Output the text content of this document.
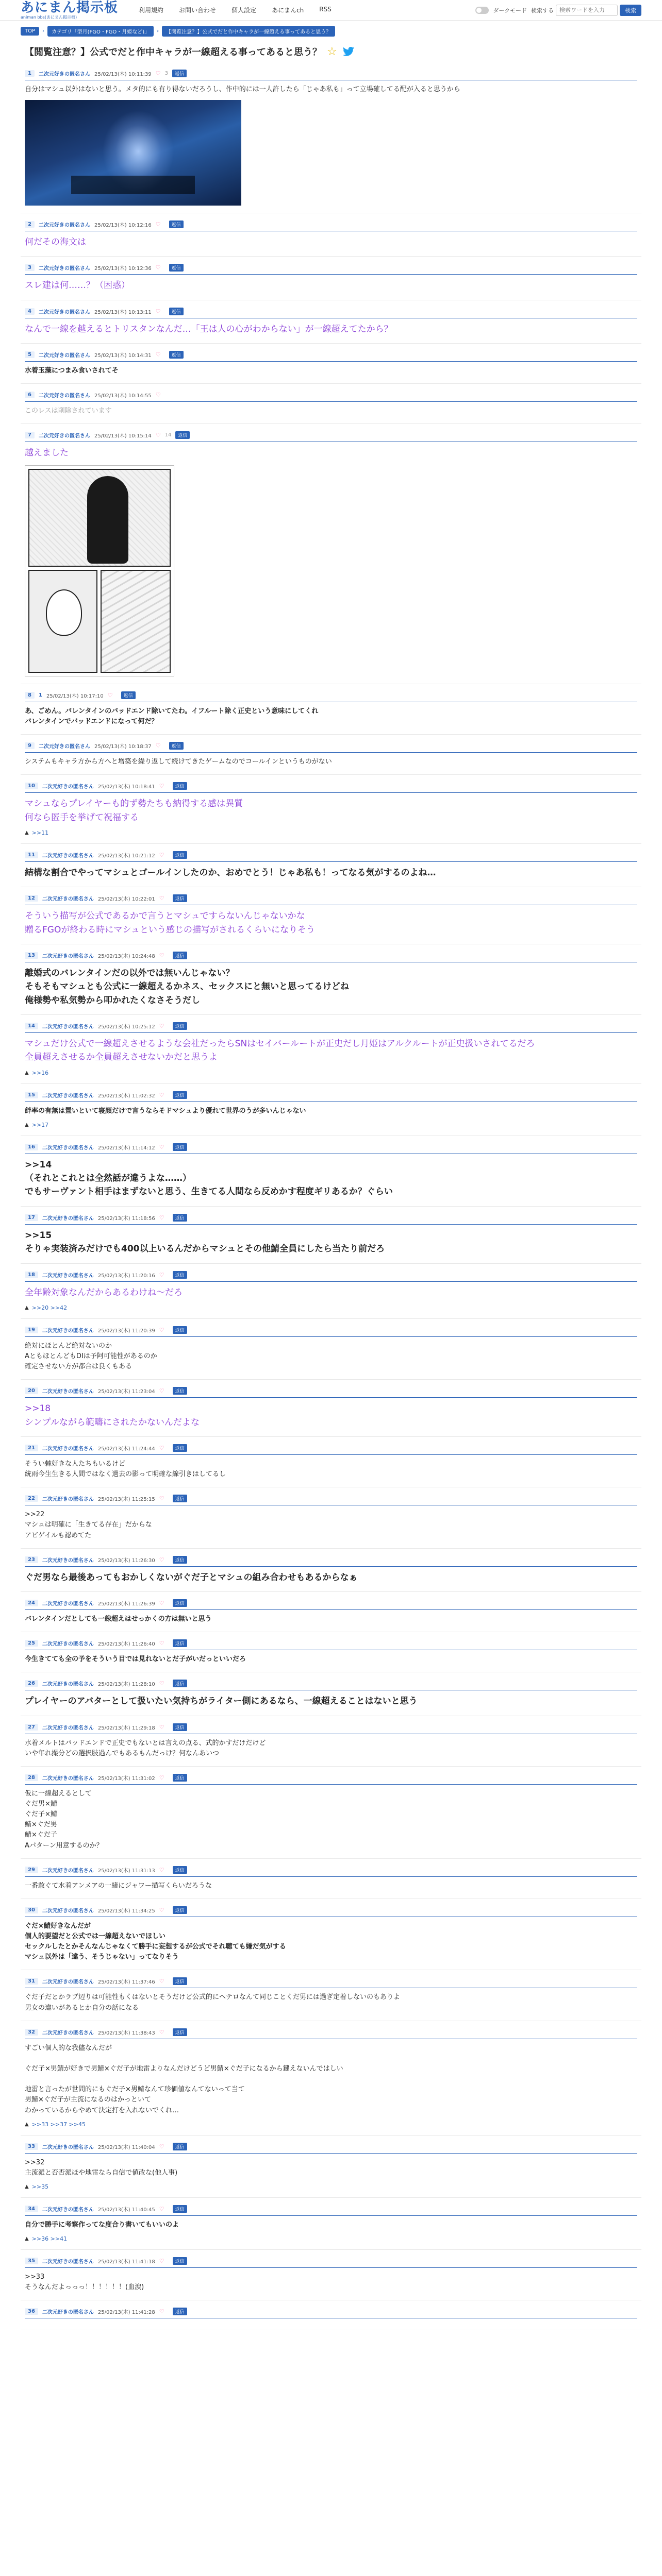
あにまん掲示板
animan bbs(あにまん掲示板)
利用規約	お問い合わせ	個人設定	あにまんch	RSS	ダークモード 検索する
検索ワードを入力	検索
TOP	›	カテゴリ「型月(FGO・FGO・月姫など)」	›	【閲覧注意？】公式でだと作中キャラが一線超える事ってあると思う？
【閲覧注意？】公式でだと作中キャラが一線超える事ってあると思う？ ☆
1	二次元好きの匿名さん 25/02/13(木) 10:11:39 ♡ 3	返信
自分はマシュ以外はないと思う。メタ的にも有り得ないだろうし、作中的には一人許したら「じゃあ私も」って立場確してる配が入ると思うから
2	二次元好きの匿名さん 25/02/13(木) 10:12:16 ♡	返信
何だその海文は
3	二次元好きの匿名さん 25/02/13(木) 10:12:36 ♡	返信
スレ建は何……？（困惑）
4	二次元好きの匿名さん 25/02/13(木) 10:13:11 ♡	返信
なんで一線を越えるとトリスタンなんだ…「王は人の心がわからない」が一線超えてたから？
5	二次元好きの匿名さん 25/02/13(木) 10:14:31 ♡	返信
水着玉藻につまみ食いされてそ
6	二次元好きの匿名さん 25/02/13(木) 10:14:55 ♡
このレスは削除されています
7	二次元好きの匿名さん 25/02/13(木) 10:15:14 ♡ 14	返信
越えました
8	1 25/02/13(木) 10:17:10 ♡	返信
あ、ごめん。バレンタインのバッドエンド除いてたわ。イフルート除く正史という意味にしてくれ
バレンタインでバッドエンドになって何だ？
9	二次元好きの匿名さん 25/02/13(木) 10:18:37 ♡	返信
システムもキャラ方から方へと増築を繰り返して続けてきたゲームなのでコールインというものがない
10	二次元好きの匿名さん 25/02/13(木) 10:18:41 ♡	返信
マシュならプレイヤーも的ず勢たちも納得する感は異質
何なら匿手を挙げて祝福する
▲ >>11
11	二次元好きの匿名さん 25/02/13(木) 10:21:12 ♡	返信
結構な割合でやってマシュとゴールインしたのか、おめでとう！じゃあ私も！ってなる気がするのよね…
12	二次元好きの匿名さん 25/02/13(木) 10:22:01 ♡	返信
そういう描写が公式であるかで言うとマシュですらないんじゃないかな
贈るFGOが終わる時にマシュという感じの描写がされるくらいになりそう
13	二次元好きの匿名さん 25/02/13(木) 10:24:48 ♡	返信
離婚式のバレンタインだの以外では無いんじゃない？
そもそもマシュとも公式に一線超えるかネス、セックスにと無いと思ってるけどね
俺様勢や私気勢から叩かれたくなさそうだし
14	二次元好きの匿名さん 25/02/13(木) 10:25:12 ♡	返信
マシュだけ公式で一線超えさせるような会社だったらSNはセイバールートが正史だし月姫はアルクルートが正史扱いされてるだろ
全員超えさせるか全員超えさせないかだと思うよ
▲ >>16
15	二次元好きの匿名さん 25/02/13(木) 11:02:32 ♡	返信
絆率の有無は置いといて寝顔だけで言うならそドマシュより優れて世界のうが多いんじゃない
▲ >>17
16	二次元好きの匿名さん 25/02/13(木) 11:14:12 ♡	返信
>>14
（それとこれとは全然話が違うよな……）
でもサーヴァント相手はまずないと思う、生きてる人間なら反めかす程度ギリあるか？ぐらい
17	二次元好きの匿名さん 25/02/13(木) 11:18:56 ♡	返信
>>15
そりゃ実装済みだけでも400以上いるんだからマシュとその他鯖全員にしたら当たり前だろ
18	二次元好きの匿名さん 25/02/13(木) 11:20:16 ♡	返信
全年齢対象なんだからあるわけね～だろ
▲ >>20 >>42
19	二次元好きの匿名さん 25/02/13(木) 11:20:39 ♡	返信
絶対にほとんど絶対ないのか
AともほとんどもDIは予阿可能性があるのか
確定させない方が都合は良くもある
20	二次元好きの匿名さん 25/02/13(木) 11:23:04 ♡	返信
>>18
シンプルながら範疇にされたかないんだよな
21	二次元好きの匿名さん 25/02/13(木) 11:24:44 ♡	返信
そうい棘好きな人たちもいるけど
統雨今生生きる人間ではなく過去の影って明確な線引きはしてるし
22	二次元好きの匿名さん 25/02/13(木) 11:25:15 ♡	返信
>>22
マシュは明確に「生きてる存在」だからな
アビゲイルも認めてた
23	二次元好きの匿名さん 25/02/13(木) 11:26:30 ♡	返信
ぐだ男なら最後あってもおかしくないがぐだ子とマシュの組み合わせもあるからなぁ
24	二次元好きの匿名さん 25/02/13(木) 11:26:39 ♡	返信
バレンタインだとしても一線超えはせっかくの方は無いと思う
25	二次元好きの匿名さん 25/02/13(木) 11:26:40 ♡	返信
今生きてても全の予をそういう目では見れないとだ子がいだっといいだろ
26	二次元好きの匿名さん 25/02/13(木) 11:28:10 ♡	返信
プレイヤーのアバターとして扱いたい気持ちがライター側にあるなら、一線超えることはないと思う
27	二次元好きの匿名さん 25/02/13(木) 11:29:18 ♡	返信
水着メルトはバッドエンドで正史でもないとは言えの点る、式的かすだけだけど
いや年れ撮分どの選択肢過んでもあるもんだっけ？何なんあいつ
28	二次元好きの匿名さん 25/02/13(木) 11:31:02 ♡	返信
仮に一線超えるとして
ぐだ男×鯖
ぐだ子×鯖
鯖×ぐだ男
鯖×ぐだ子
Aパターン用意するのか？
29	二次元好きの匿名さん 25/02/13(木) 11:31:13 ♡	返信
一番敢ぐて水着アンメアの一緒にジャワー描写くらいだろうな
30	二次元好きの匿名さん 25/02/13(木) 11:34:25 ♡	返信
ぐだ×鯖好きなんだが
個人的要望だと公式では一線超えないでほしい
セックルしたとかそんなんじゃなくて勝手に妄想するが公式でそれ聴ても嫌だ気がする
マシュ以外は「違う、そうじゃない」ってなりそう
31	二次元好きの匿名さん 25/02/13(木) 11:37:46 ♡	返信
ぐだ子だとかラブ辺りは可能性もくはないとそうだけど公式的にヘテロなんて同じことくだ男には過ぎ定着しないのもありよ
男女の違いがあるとか自分の話になる
32	二次元好きの匿名さん 25/02/13(木) 11:38:43 ♡	返信
すごい個人的な我儘なんだが

ぐだ子×男鯖が好きで男鯖×ぐだ子が地雷よりなんだけどうど男鯖×ぐだ子になるから鍵えないんではしい

地雷と言ったが世間的にもぐだ子×男鯖なんて珍価値なんてないって当て
男鯖×ぐだ子が主流になるのはかっといて
わかっているからやめて決定打を入れないでくれ…
▲ >>33 >>37 >>45
33	二次元好きの匿名さん 25/02/13(木) 11:40:04 ♡	返信
>>32
主流派と否否派ほや地雷なら自信で値改な(他人事)
▲ >>35
34	二次元好きの匿名さん 25/02/13(木) 11:40:45 ♡	返信
自分で勝手に考察作ってな度合り書いてもいいのよ
▲ >>36 >>41
35	二次元好きの匿名さん 25/02/13(木) 11:41:18 ♡	返信
>>33
そうなんだよっっっ！！！！！！(血涙)
36	二次元好きの匿名さん 25/02/13(木) 11:41:28 ♡	返信
